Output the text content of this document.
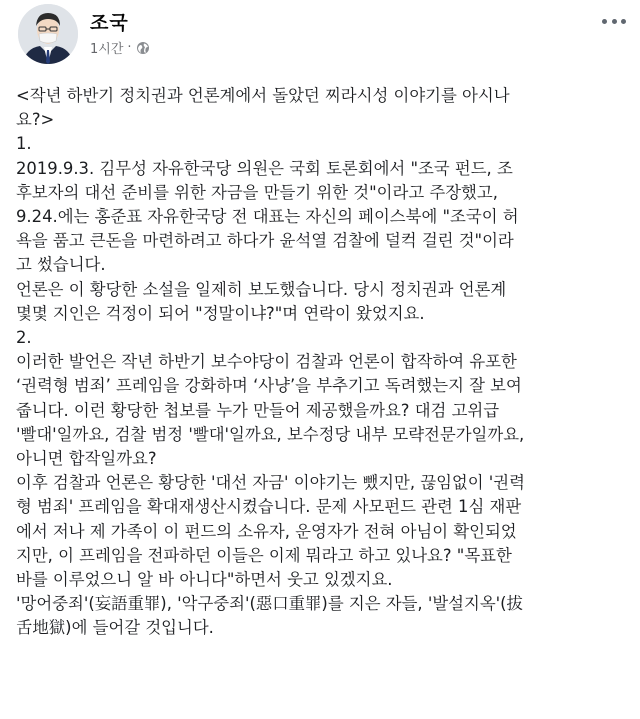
조국
1시간 ·

<작년 하반기 정치권과 언론계에서 돌았던 찌라시성 이야기를 아시나

요?>

1.

2019.9.3. 김무성 자유한국당 의원은 국회 토론회에서 "조국 펀드, 조

후보자의 대선 준비를 위한 자금을 만들기 위한 것"이라고 주장했고,

9.24.에는 홍준표 자유한국당 전 대표는 자신의 페이스북에 "조국이 허

욕을 품고 큰돈을 마련하려고 하다가 윤석열 검찰에 덜컥 걸린 것"이라

고 썼습니다.

언론은 이 황당한 소설을 일제히 보도했습니다. 당시 정치권과 언론계

몇몇 지인은 걱정이 되어 "정말이냐?"며 연락이 왔었지요.

2.

이러한 발언은 작년 하반기 보수야당이 검찰과 언론이 합작하여 유포한

‘권력형 범죄’ 프레임을 강화하며 ‘사냥’을 부추기고 독려했는지 잘 보여

줍니다. 이런 황당한 첩보를 누가 만들어 제공했을까요? 대검 고위급

'빨대'일까요, 검찰 범정 '빨대'일까요, 보수정당 내부 모략전문가일까요,

아니면 합작일까요?

이후 검찰과 언론은 황당한 '대선 자금' 이야기는 뺐지만, 끊임없이 '권력

형 범죄' 프레임을 확대재생산시켰습니다. 문제 사모펀드 관련 1심 재판

에서 저나 제 가족이 이 펀드의 소유자, 운영자가 전혀 아님이 확인되었

지만, 이 프레임을 전파하던 이들은 이제 뭐라고 하고 있나요? "목표한

바를 이루었으니 알 바 아니다"하면서 웃고 있겠지요.

'망어중죄'(妄語重罪), '악구중죄'(惡口重罪)를 지은 자들, '발설지옥'(拔

舌地獄)에 들어갈 것입니다.
